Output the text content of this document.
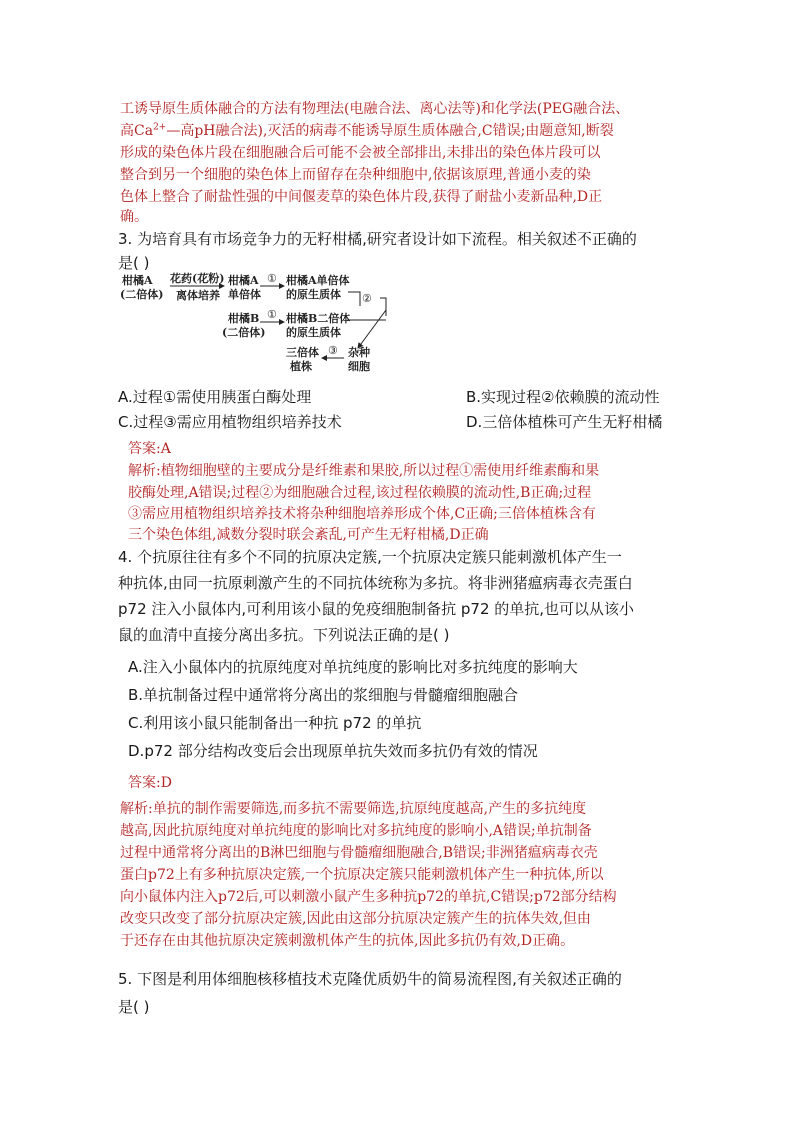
工诱导原生质体融合的方法有物理法(电融合法、离心法等)和化学法(PEG融合法、
高$Ca^{2+}—$高pH融合法),灭活的病毒不能诱导原生质体融合,C错误;由题意知,断裂
形成的染色体片段在细胞融合后可能不会被全部排出,未排出的染色体片段可以
整合到另一个细胞的染色体上而留存在杂种细胞中,依据该原理,普通小麦的染
色体上整合了耐盐性强的中间偃麦草的染色体片段,获得了耐盐小麦新品种,D正
确。
3. 为培育具有市场竞争力的无籽柑橘,研究者设计如下流程。相关叙述不正确的
是( )
柑橘A
(二倍体)
花药(花粉)
离体培养
柑橘A
单倍体
① 柑橘A单倍体
的原生质体 ②
柑橘B
(二倍体)
① 柑橘B二倍体
的原生质体
三倍体
植株
③ 杂种
细胞
A.过程①需使用胰蛋白酶处理	B.实现过程②依赖膜的流动性
C.过程③需应用植物组织培养技术	D.三倍体植株可产生无籽柑橘
答案:A
解析:植物细胞壁的主要成分是纤维素和果胶,所以过程①需使用纤维素酶和果
胶酶处理,A错误;过程②为细胞融合过程,该过程依赖膜的流动性,B正确;过程
③需应用植物组织培养技术将杂种细胞培养形成个体,C正确;三倍体植株含有
三个染色体组,减数分裂时联会紊乱,可产生无籽柑橘,D正确
4. 个抗原往往有多个不同的抗原决定簇,一个抗原决定簇只能刺激机体产生一
种抗体,由同一抗原刺激产生的不同抗体统称为多抗。将非洲猪瘟病毒衣壳蛋白
p72 注入小鼠体内,可利用该小鼠的免疫细胞制备抗 p72 的单抗,也可以从该小
鼠的血清中直接分离出多抗。下列说法正确的是( )
A.注入小鼠体内的抗原纯度对单抗纯度的影响比对多抗纯度的影响大
B.单抗制备过程中通常将分离出的浆细胞与骨髓瘤细胞融合
C.利用该小鼠只能制备出一种抗 p72 的单抗
D.p72 部分结构改变后会出现原单抗失效而多抗仍有效的情况
答案:D
解析:单抗的制作需要筛选,而多抗不需要筛选,抗原纯度越高,产生的多抗纯度
越高,因此抗原纯度对单抗纯度的影响比对多抗纯度的影响小,A错误;单抗制备
过程中通常将分离出的B淋巴细胞与骨髓瘤细胞融合,B错误;非洲猪瘟病毒衣壳
蛋白p72上有多种抗原决定簇,一个抗原决定簇只能刺激机体产生一种抗体,所以
向小鼠体内注入p72后,可以刺激小鼠产生多种抗p72的单抗,C错误;p72部分结构
改变只改变了部分抗原决定簇,因此由这部分抗原决定簇产生的抗体失效,但由
于还存在由其他抗原决定簇刺激机体产生的抗体,因此多抗仍有效,D正确。
5. 下图是利用体细胞核移植技术克隆优质奶牛的简易流程图,有关叙述正确的
是( )
